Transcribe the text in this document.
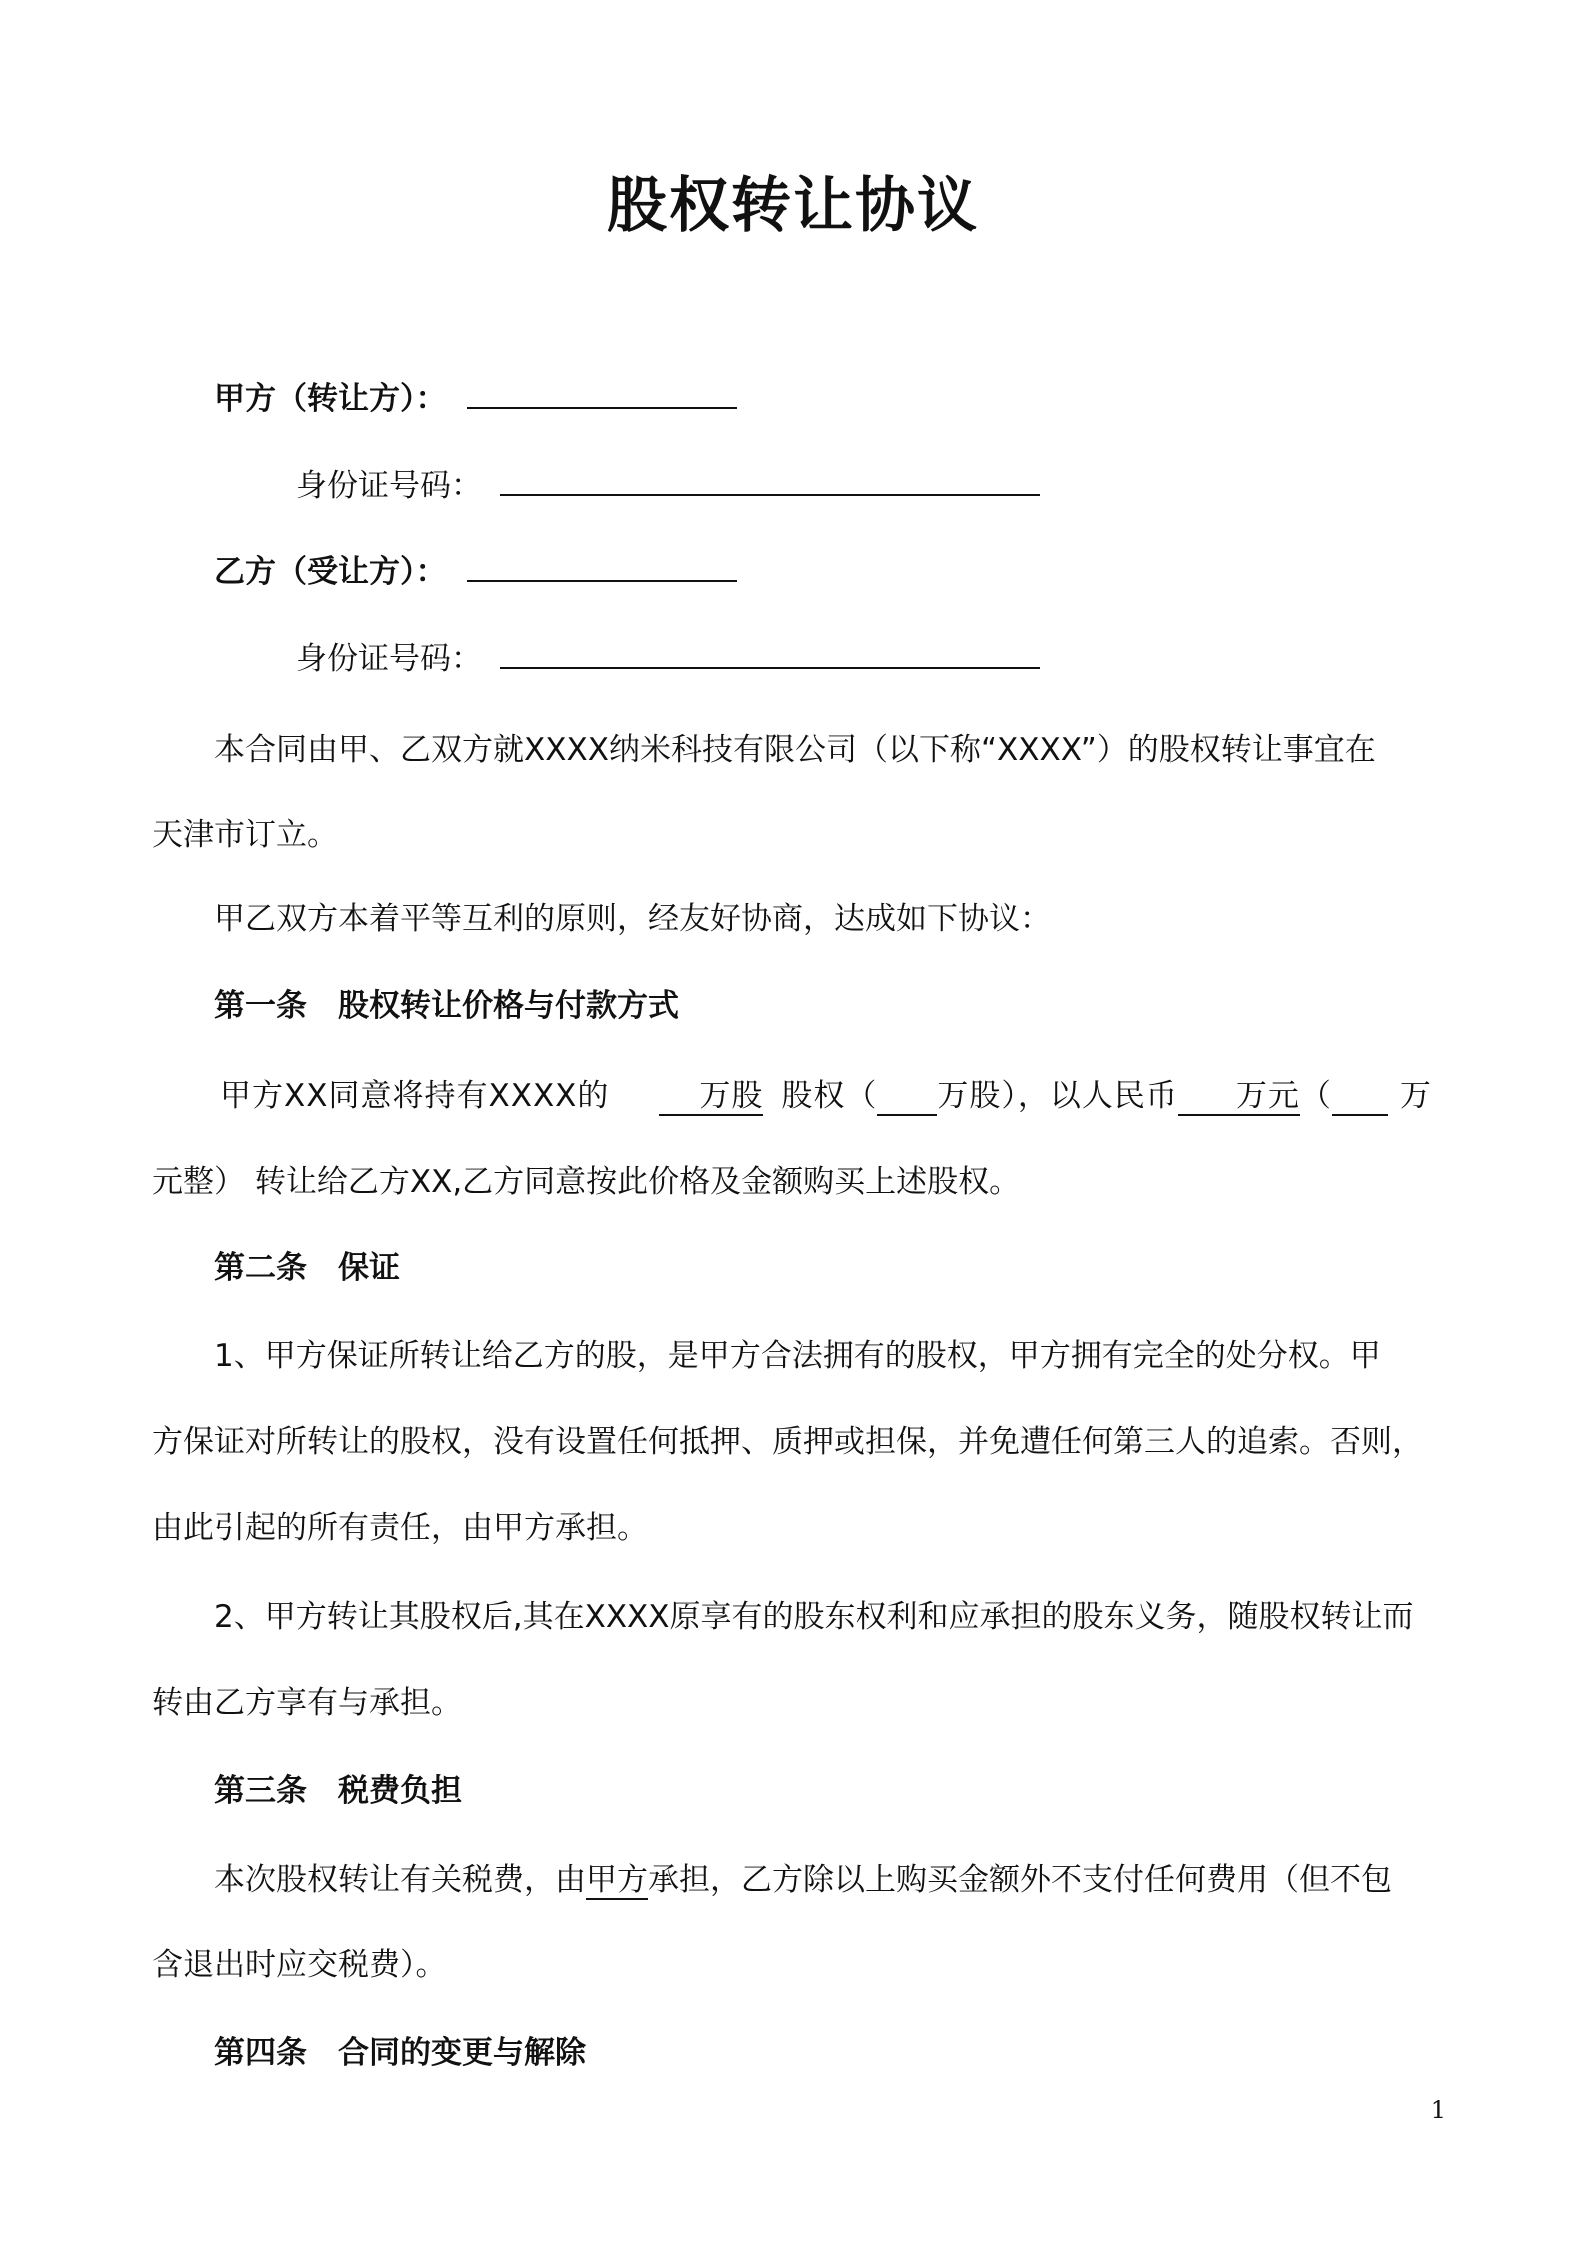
股权转让协议
甲方（转让方）：
身份证号码：
乙方（受让方）：
身份证号码：
本合同由甲、乙双方就XXXX纳米科技有限公司（以下称“XXXX”）的股权转让事宜在
天津市订立。
甲乙双方本着平等互利的原则，经友好协商，达成如下协议：
第一条　股权转让价格与付款方式
甲方XX同意将持有XXXX的	万股 股权（ 万股），以人民币 万元（ 万
元整） 转让给乙方XX,乙方同意按此价格及金额购买上述股权。
第二条　保证
1、甲方保证所转让给乙方的股，是甲方合法拥有的股权，甲方拥有完全的处分权。甲
方保证对所转让的股权，没有设置任何抵押、质押或担保，并免遭任何第三人的追索。否则，
由此引起的所有责任，由甲方承担。
2、甲方转让其股权后,其在XXXX原享有的股东权利和应承担的股东义务，随股权转让而
转由乙方享有与承担。
第三条　税费负担
本次股权转让有关税费，由甲方承担，乙方除以上购买金额外不支付任何费用（但不包
含退出时应交税费）。
第四条　合同的变更与解除
1
